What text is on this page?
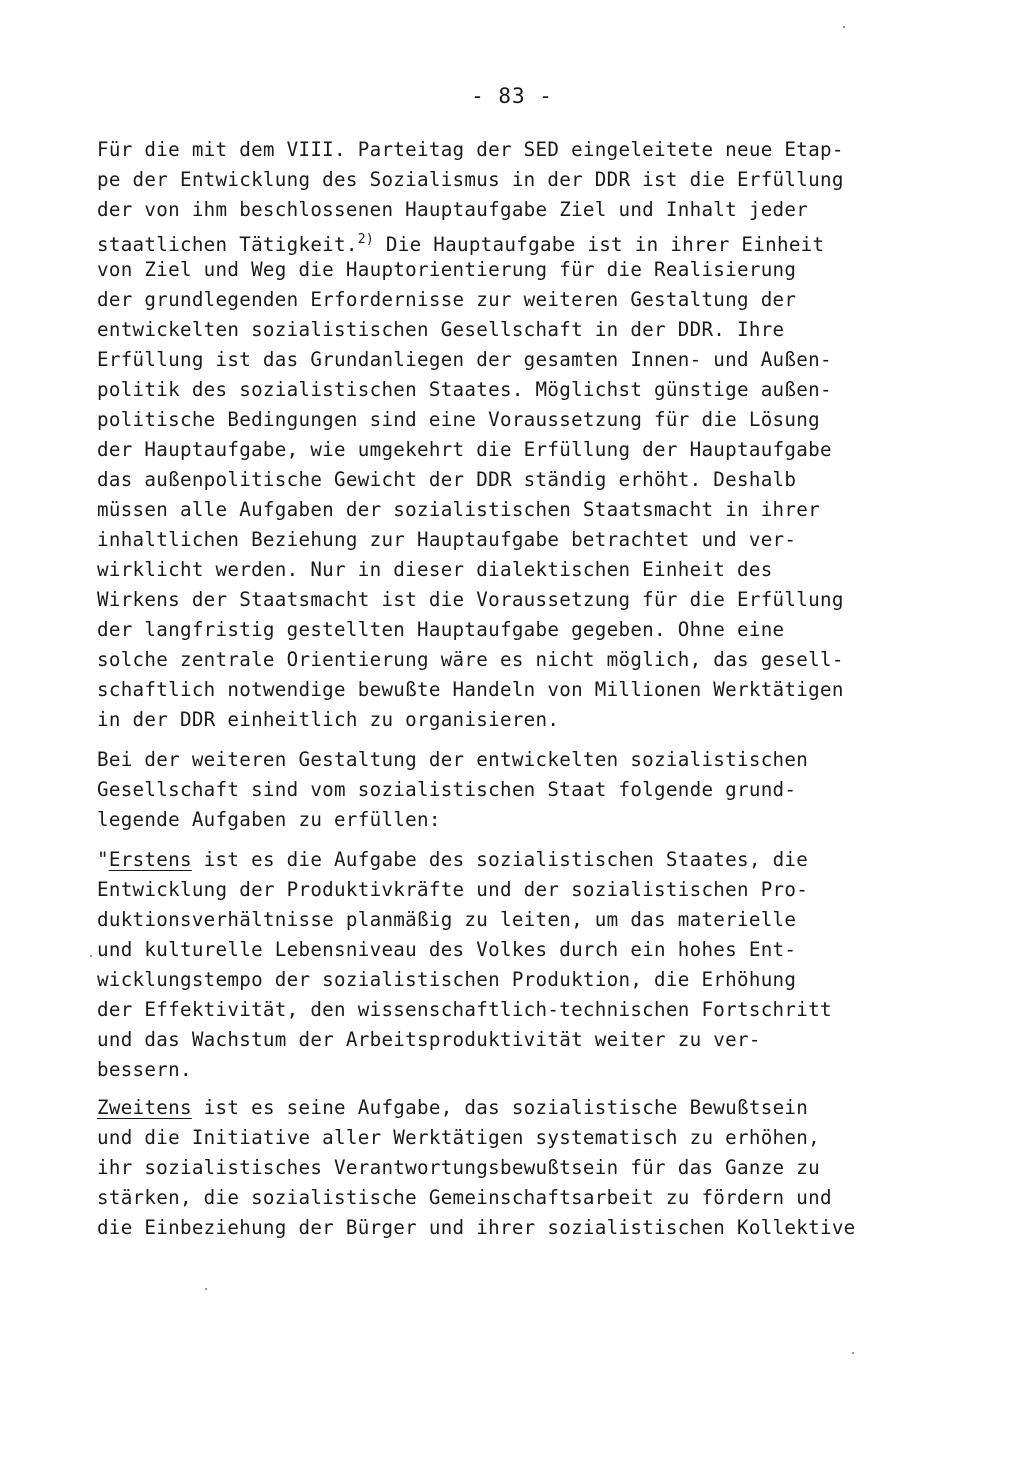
- 83 -
Für die mit dem VIII. Parteitag der SED eingeleitete neue Etap-
pe der Entwicklung des Sozialismus in der DDR ist die Erfüllung
der von ihm beschlossenen Hauptaufgabe Ziel und Inhalt jeder
staatlichen Tätigkeit.$^{2)}$ Die Hauptaufgabe ist in ihrer Einheit
von Ziel und Weg die Hauptorientierung für die Realisierung
der grundlegenden Erfordernisse zur weiteren Gestaltung der
entwickelten sozialistischen Gesellschaft in der DDR. Ihre
Erfüllung ist das Grundanliegen der gesamten Innen- und Außen-
politik des sozialistischen Staates. Möglichst günstige außen-
politische Bedingungen sind eine Voraussetzung für die Lösung
der Hauptaufgabe, wie umgekehrt die Erfüllung der Hauptaufgabe
das außenpolitische Gewicht der DDR ständig erhöht. Deshalb
müssen alle Aufgaben der sozialistischen Staatsmacht in ihrer
inhaltlichen Beziehung zur Hauptaufgabe betrachtet und ver-
wirklicht werden. Nur in dieser dialektischen Einheit des
Wirkens der Staatsmacht ist die Voraussetzung für die Erfüllung
der langfristig gestellten Hauptaufgabe gegeben. Ohne eine
solche zentrale Orientierung wäre es nicht möglich, das gesell-
schaftlich notwendige bewußte Handeln von Millionen Werktätigen
in der DDR einheitlich zu organisieren.
Bei der weiteren Gestaltung der entwickelten sozialistischen
Gesellschaft sind vom sozialistischen Staat folgende grund-
legende Aufgaben zu erfüllen:
"Erstens ist es die Aufgabe des sozialistischen Staates, die
Entwicklung der Produktivkräfte und der sozialistischen Pro-
duktionsverhältnisse planmäßig zu leiten, um das materielle
und kulturelle Lebensniveau des Volkes durch ein hohes Ent-
wicklungstempo der sozialistischen Produktion, die Erhöhung
der Effektivität, den wissenschaftlich-technischen Fortschritt
und das Wachstum der Arbeitsproduktivität weiter zu ver-
bessern.
Zweitens ist es seine Aufgabe, das sozialistische Bewußtsein
und die Initiative aller Werktätigen systematisch zu erhöhen,
ihr sozialistisches Verantwortungsbewußtsein für das Ganze zu
stärken, die sozialistische Gemeinschaftsarbeit zu fördern und
die Einbeziehung der Bürger und ihrer sozialistischen Kollektive
